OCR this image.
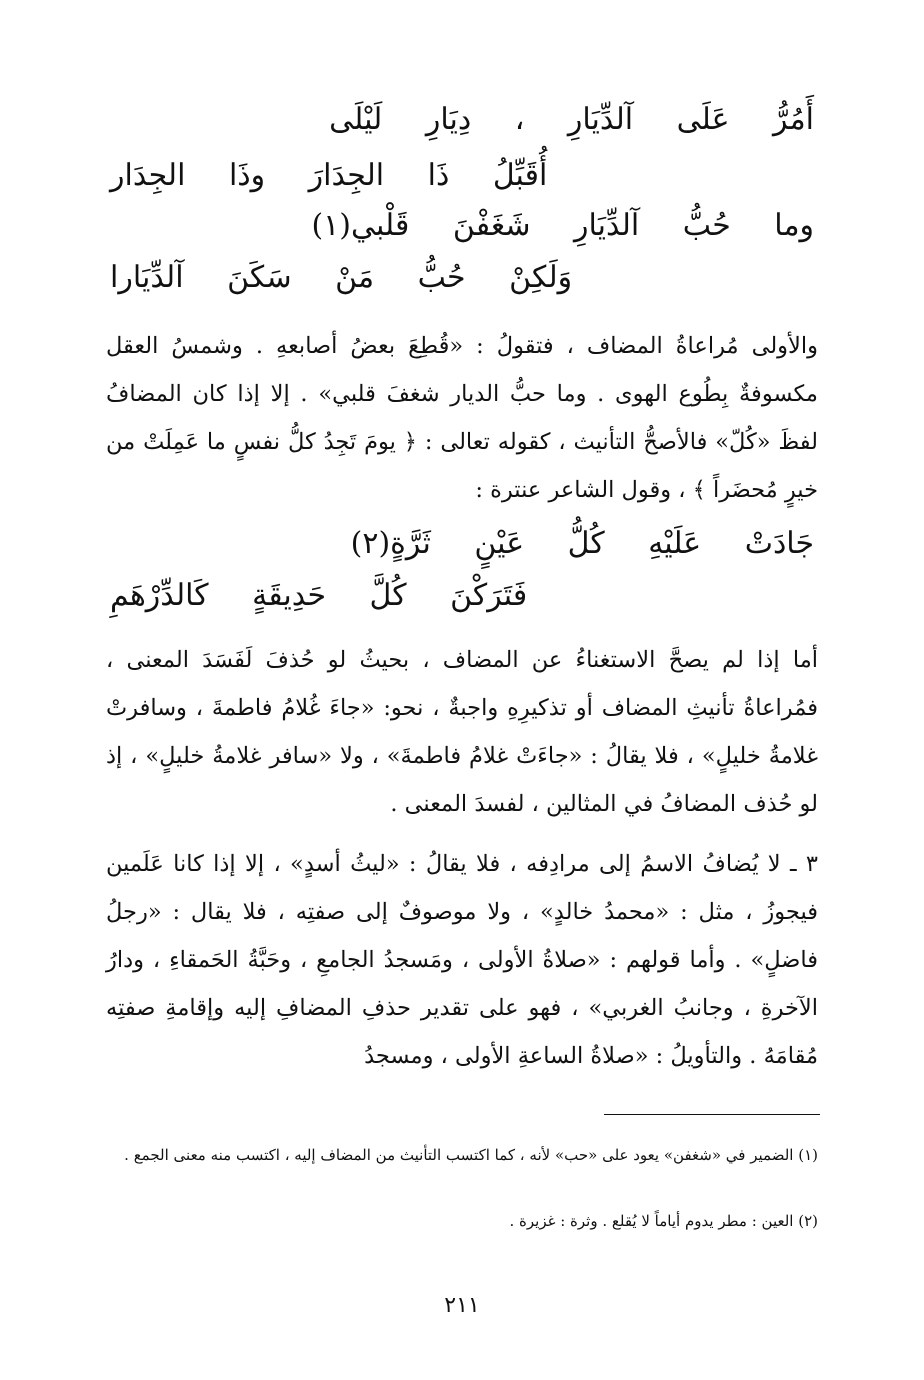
أَمُرُّ عَلَى آلدِّيَارِ ، دِيَارِ لَيْلَى
أُقَبِّلُ ذَا الجِدَارَ وذَا الجِدَار
وما حُبُّ آلدِّيَارِ شَغَفْنَ قَلْبي(١)
وَلَكِنْ حُبُّ مَنْ سَكَنَ آلدِّيَارا
والأولى مُراعاةُ المضاف ، فتقولُ : «قُطِعَ بعضُ أصابعهِ . وشمسُ العقل مكسوفةٌ بِطُوع الهوى . وما حبُّ الديار شغفَ قلبي» . إلا إذا كان المضافُ لفظَ «كُلّ» فالأصحُّ التأنيث ، كقوله تعالى : ﴿ يومَ تَجِدُ كلُّ نفسٍ ما عَمِلَتْ من خيرٍ مُحضَراً ﴾ ، وقول الشاعر عنترة :
جَادَتْ عَلَيْهِ كُلُّ عَيْنٍ ثَرَّةٍ(٢)
فَتَرَكْنَ كُلَّ حَدِيقَةٍ كَالدِّرْهَمِ
أما إذا لم يصحَّ الاستغناءُ عن المضاف ، بحيثُ لو حُذفَ لَفَسَدَ المعنى ، فمُراعاةُ تأنيثِ المضاف أو تذكيرِهِ واجبةٌ ، نحو: «جاءَ غُلامُ فاطمةَ ، وسافرتْ غلامةُ خليلٍ» ، فلا يقالُ : «جاءَتْ غلامُ فاطمةَ» ، ولا «سافر غلامةُ خليلٍ» ، إذ لو حُذف المضافُ في المثالين ، لفسدَ المعنى .
٣ ـ لا يُضافُ الاسمُ إلى مرادِفه ، فلا يقالُ : «ليثُ أسدٍ» ، إلا إذا كانا عَلَمين فيجوزُ ، مثل : «محمدُ خالدٍ» ، ولا موصوفٌ إلى صفتِه ، فلا يقال : «رجلُ فاضلٍ» . وأما قولهم : «صلاةُ الأولى ، ومَسجدُ الجامعِ ، وحَبَّةُ الحَمقاءِ ، ودارُ الآخرةِ ، وجانبُ الغربي» ، فهو على تقدير حذفِ المضافِ إليه وإقامةِ صفتِه مُقامَهُ . والتأويلُ : «صلاةُ الساعةِ الأولى ، ومسجدُ
(١) الضمير في «شغفن» يعود على «حب» لأنه ، كما اكتسب التأنيث من المضاف إليه ، اكتسب منه معنى الجمع .
(٢) العين : مطر يدوم أياماً لا يُقلع . وثرة : غزيرة .
٢١١
